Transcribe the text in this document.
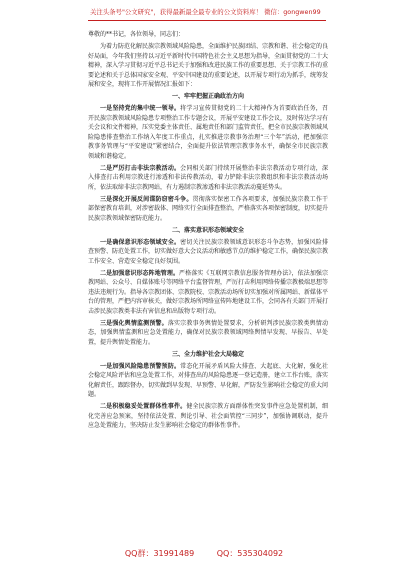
关注头条号"公文研究"，获得最新最全最专业的公文资料库！ 微信：gongwen99

尊敬的**书记，各位领导，同志们：

为着力防范化解民族宗教领域风险隐患，全面维护民族团结、宗教和谐、社会稳定的良好局面，今年我们坚持以习近平新时代中国特色社会主义思想为指导，全面贯彻党的二十大精神，深入学习贯彻习近平总书记关于加强和改进民族工作的重要思想、关于宗教工作的重要论述和关于总体国家安全观、平安中国建设的重要论述，以开展专项行动为抓手，统筹发展和安全，现将工作开展情况汇报如下：

一、牢牢把握正确政治方向

一是坚持党的集中统一领导。将学习宣传贯彻党的二十大精神作为首要政治任务，召开民族宗教领域风险隐患专项整治工作专题会议，开展平安建设工作会议，及时传达学习有关会议和文件精神，压实党委主体责任、属地责任和部门监管责任，把全市民族宗教领域风险隐患排查整治工作纳入年度工作重点，扎实推进宗教事务治理“三个年”活动，把加强宗教事务管理与“平安建设”紧密结合，全面提升依法管理宗教事务水平，确保全市民族宗教领域和谐稳定。

二是严厉打击非法宗教活动。会同相关部门持续开展整治非法宗教活动专项行动，深入排查打击利用宗教进行渗透和非法传教活动，着力铲除非法宗教组织和非法宗教活动场所，依法取缔非法宗教网站，有力遏制宗教渗透和非法宗教活动蔓延势头。

三是深化开展反间谍防窃密斗争。贯彻落实保密工作各项要求，加强民族宗教工作干部保密教育培训，对涉密载体、网络实行全面排查整治，严格落实各项保密制度，切实提升民族宗教领域保密防范能力。

二、落实意识形态领域安全

一是确保意识形态领域安全。密切关注民族宗教领域意识形态斗争态势，加强风险排查预警、防范处置工作，切实做好意大会议活动和敏感节点的维护稳定工作，确保民族宗教工作安全、营造安全稳定良好氛围。

二是加强意识形态阵地管理。严格落实《互联网宗教信息服务管理办法》，依法加强宗教网站、公众号、自媒体账号等网络平台监督管理，严厉打击利用网络传播宗教极端思想等违法违规行为。指导各宗教团体、宗教院校、宗教活动场所切实加强对所属网站、新媒体平台的管理，严把内容审核关，做好宗教场所网络宣传阵地建设工作，会同各有关部门开展打击涉民族宗教类非法有害信息和出版物专项行动。

三是强化舆情监测预警。落实宗教事务舆情处置要求，分析研判涉民族宗教类舆情动态，加强舆情监测和应急处置能力，确保对民族宗教领域网络舆情早发现、早报告、早处置，提升舆情处置能力。

三、全力维护社会大局稳定

一是加强风险隐患预警预防。常态化开展矛盾风险大排查、大起底、大化解，强化社会稳定风险评估和应急处置工作，对排查出的风险隐患逐一登记造册，建立工作台账，落实化解责任，跟踪督办，切实做到早发现、早预警、早化解，严防发生影响社会稳定的重大问题。

二是积极稳妥处置群体性事件。健全民族宗教方面群体性突发事件应急处置机制，细化完善应急预案，坚持依法处置、舆论引导、社会面管控“三同步”，加强协调联动，提升应急处置能力，坚决防止发生影响社会稳定的群体性事件。

QQ群：31991489	QQ：535304092
